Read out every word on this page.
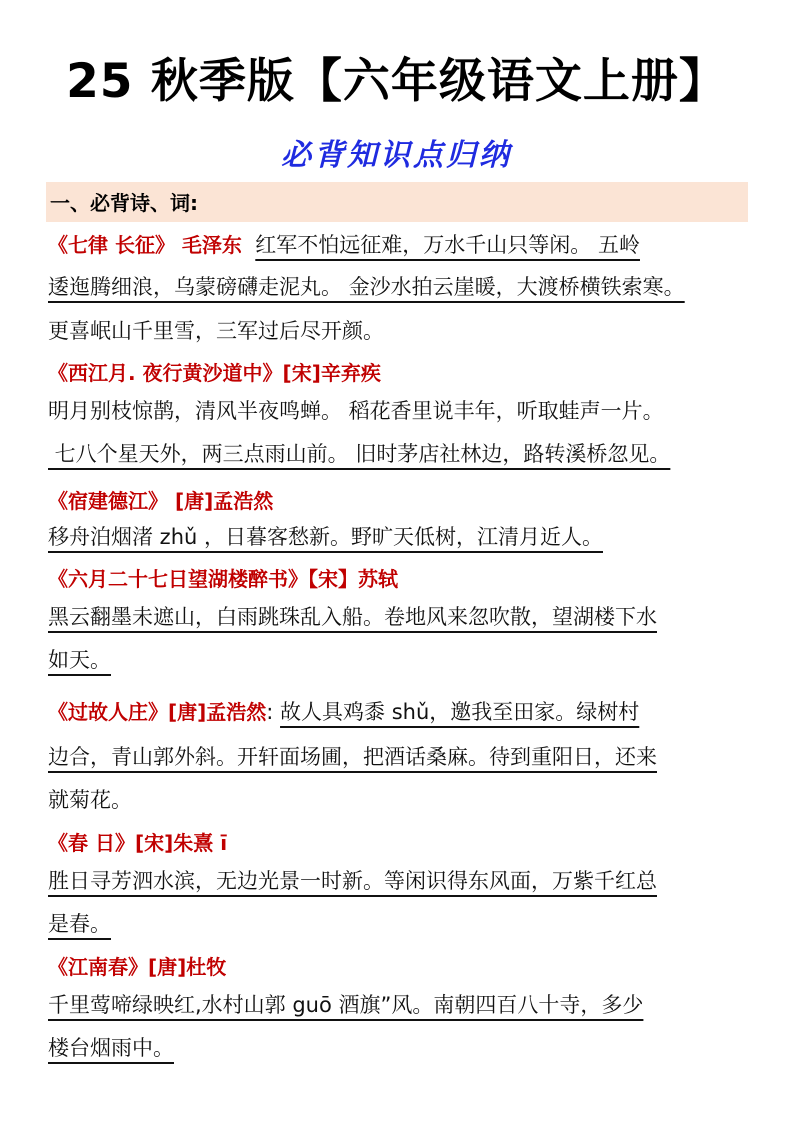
25 秋季版【六年级语文上册】
必背知识点归纳
一、必背诗、词:
《七律 长征》 毛泽东 红军不怕远征难，万水千山只等闲。 五岭
逶迤腾细浪，乌蒙磅礴走泥丸。 金沙水拍云崖暖，大渡桥横铁索寒。
更喜岷山千里雪，三军过后尽开颜。
《西江月. 夜行黄沙道中》[宋]辛弃疾
明月别枝惊鹊，清风半夜鸣蝉。 稻花香里说丰年，听取蛙声一片。
七八个星天外，两三点雨山前。 旧时茅店社林边，路转溪桥忽见。
《宿建德江》 [唐]孟浩然
移舟泊烟渚 zhǔ ，日暮客愁新。野旷天低树，江清月近人。
《六月二十七日望湖楼醉书》【宋】苏轼
黑云翻墨未遮山，白雨跳珠乱入船。卷地风来忽吹散，望湖楼下水
如天。
《过故人庄》[唐]孟浩然: 故人具鸡黍 shǔ，邀我至田家。绿树村
边合，青山郭外斜。开轩面场圃，把酒话桑麻。待到重阳日，还来
就菊花。
《春 日》[宋]朱熹 ī
胜日寻芳泗水滨，无边光景一时新。等闲识得东风面，万紫千红总
是春。
《江南春》[唐]杜牧
千里莺啼绿映红,水村山郭 guō 酒旗”风。南朝四百八十寺，多少
楼台烟雨中。
